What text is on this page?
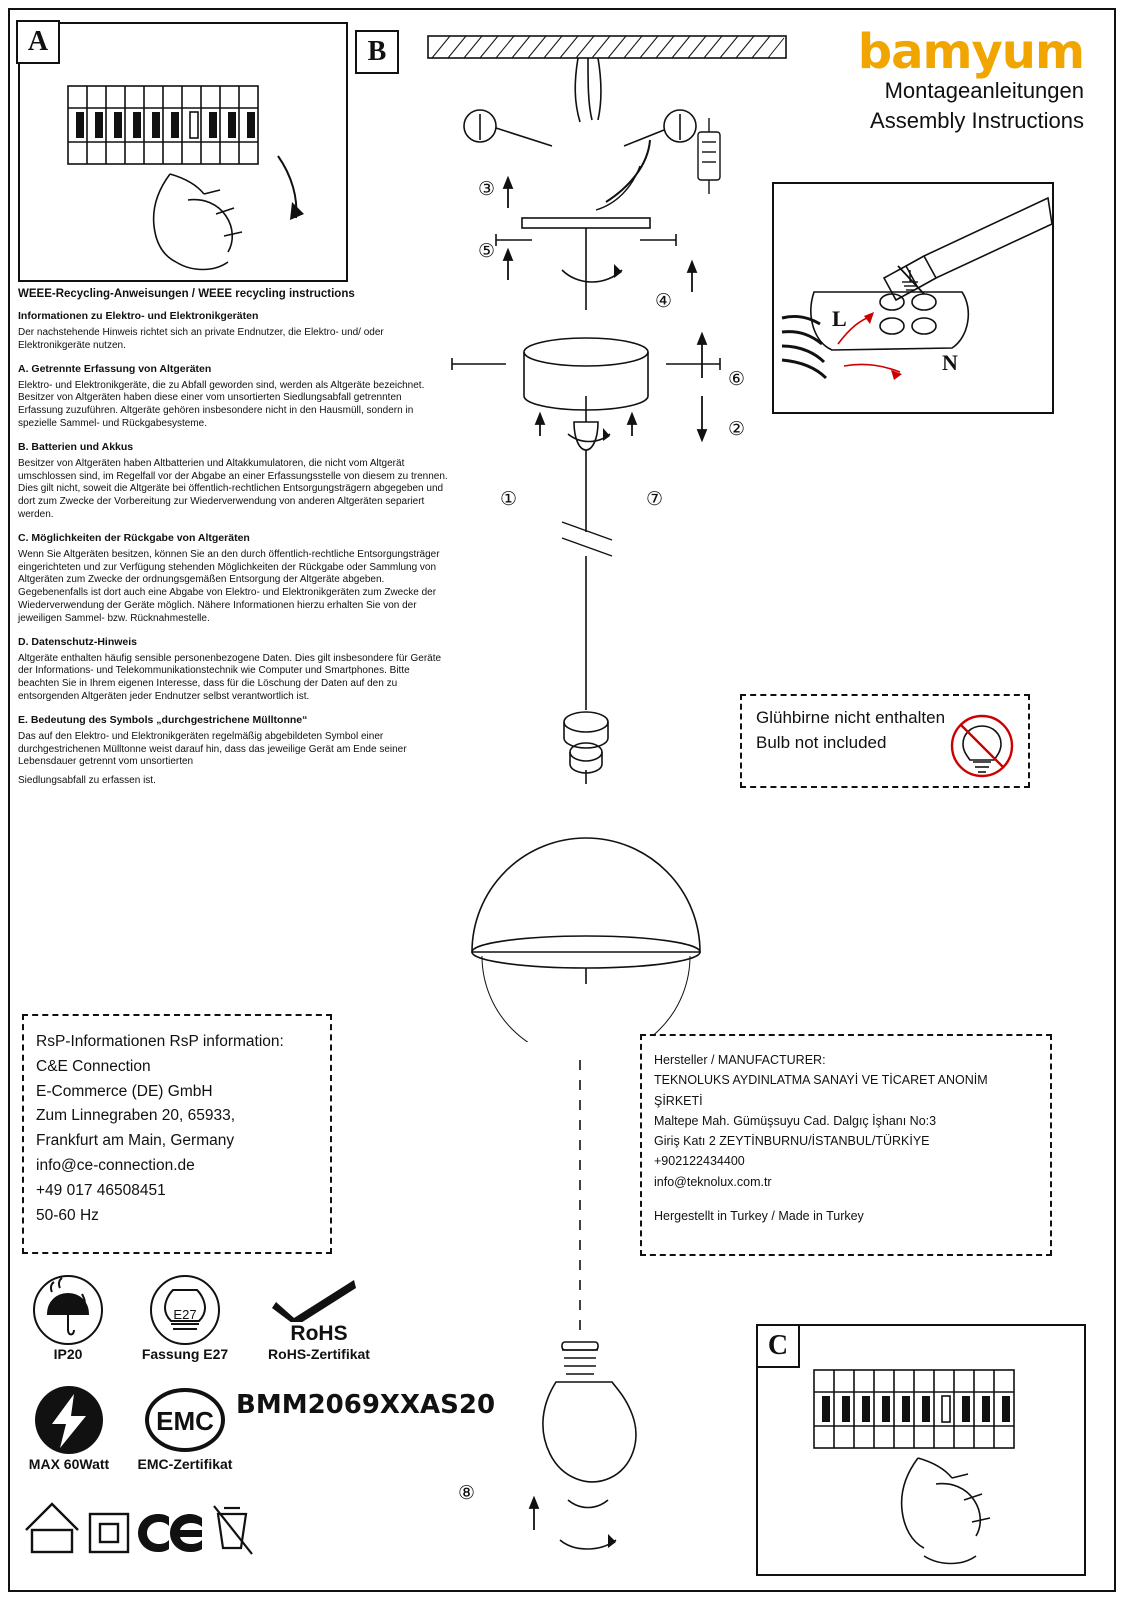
A
WEEE-Recycling-Anweisungen / WEEE recycling instructions
Informationen zu Elektro- und Elektronikgeräten

Der nachstehende Hinweis richtet sich an private Endnutzer, die Elektro- und/ oder Elektronikgeräte nutzen.

A. Getrennte Erfassung von Altgeräten

Elektro- und Elektronikgeräte, die zu Abfall geworden sind, werden als Altgeräte bezeichnet. Besitzer von Altgeräten haben diese einer vom unsortierten Siedlungsabfall getrennten Erfassung zuzuführen. Altgeräte gehören insbesondere nicht in den Hausmüll, sondern in spezielle Sammel- und Rückgabesysteme.

B. Batterien und Akkus

Besitzer von Altgeräten haben Altbatterien und Altakkumulatoren, die nicht vom Altgerät umschlossen sind, im Regelfall vor der Abgabe an einer Erfassungsstelle von diesem zu trennen. Dies gilt nicht, soweit die Altgeräte bei öffentlich-rechtlichen Entsorgungsträgern abgegeben und dort zum Zwecke der Vorbereitung zur Wiederverwendung von anderen Altgeräten separiert werden.

C. Möglichkeiten der Rückgabe von Altgeräten

Wenn Sie Altgeräten besitzen, können Sie an den durch öffentlich-rechtliche Entsorgungsträger eingerichteten und zur Verfügung stehenden Möglichkeiten der Rückgabe oder Sammlung von Altgeräten zum Zwecke der ordnungsgemäßen Entsorgung der Altgeräte abgeben. Gegebenenfalls ist dort auch eine Abgabe von Elektro- und Elektronikgeräten zum Zwecke der Wiederverwendung der Geräte möglich. Nähere Informationen hierzu erhalten Sie von der jeweiligen Sammel- bzw. Rücknahmestelle.

D. Datenschutz-Hinweis

Altgeräte enthalten häufig sensible personenbezogene Daten. Dies gilt insbesondere für Geräte der Informations- und Telekommunikationstechnik wie Computer und Smartphones. Bitte beachten Sie in Ihrem eigenen Interesse, dass für die Löschung der Daten auf den zu entsorgenden Altgeräten jeder Endnutzer selbst verantwortlich ist.

E. Bedeutung des Symbols „durchgestrichene Mülltonne“

Das auf den Elektro- und Elektronikgeräten regelmäßig abgebildeten Symbol einer durchgestrichenen Mülltonne weist darauf hin, dass das jeweilige Gerät am Ende seiner Lebensdauer getrennt vom unsortierten

Siedlungsabfall zu erfassen ist.

bamyum
Montageanleitungen
Assembly Instructions
B
③
⑤
④
⑥
②
①	⑦
⑧
L
N
Glühbirne nicht enthalten
Bulb not included
RsP-Informationen RsP information:
C&E Connection
E-Commerce (DE) GmbH
Zum Linnegraben 20, 65933,
Frankfurt am Main, Germany
info@ce-connection.de
+49 017 46508451
50-60 Hz
Hersteller / MANUFACTURER:
TEKNOLUKS AYDINLATMA SANAYİ VE TİCARET ANONİM ŞİRKETİ
Maltepe Mah. Gümüşsuyu Cad. Dalgıç İşhanı No:3
Giriş Katı 2 ZEYTİNBURNU/İSTANBUL/TÜRKİYE
+902122434400
info@teknolux.com.tr
Hergestellt in Turkey / Made in Turkey
IP20
E27
Fassung E27
RoHS
RoHS-Zertifikat
MAX 60Watt
EMC
EMC-Zertifikat
BMM2069XXAS20
C
